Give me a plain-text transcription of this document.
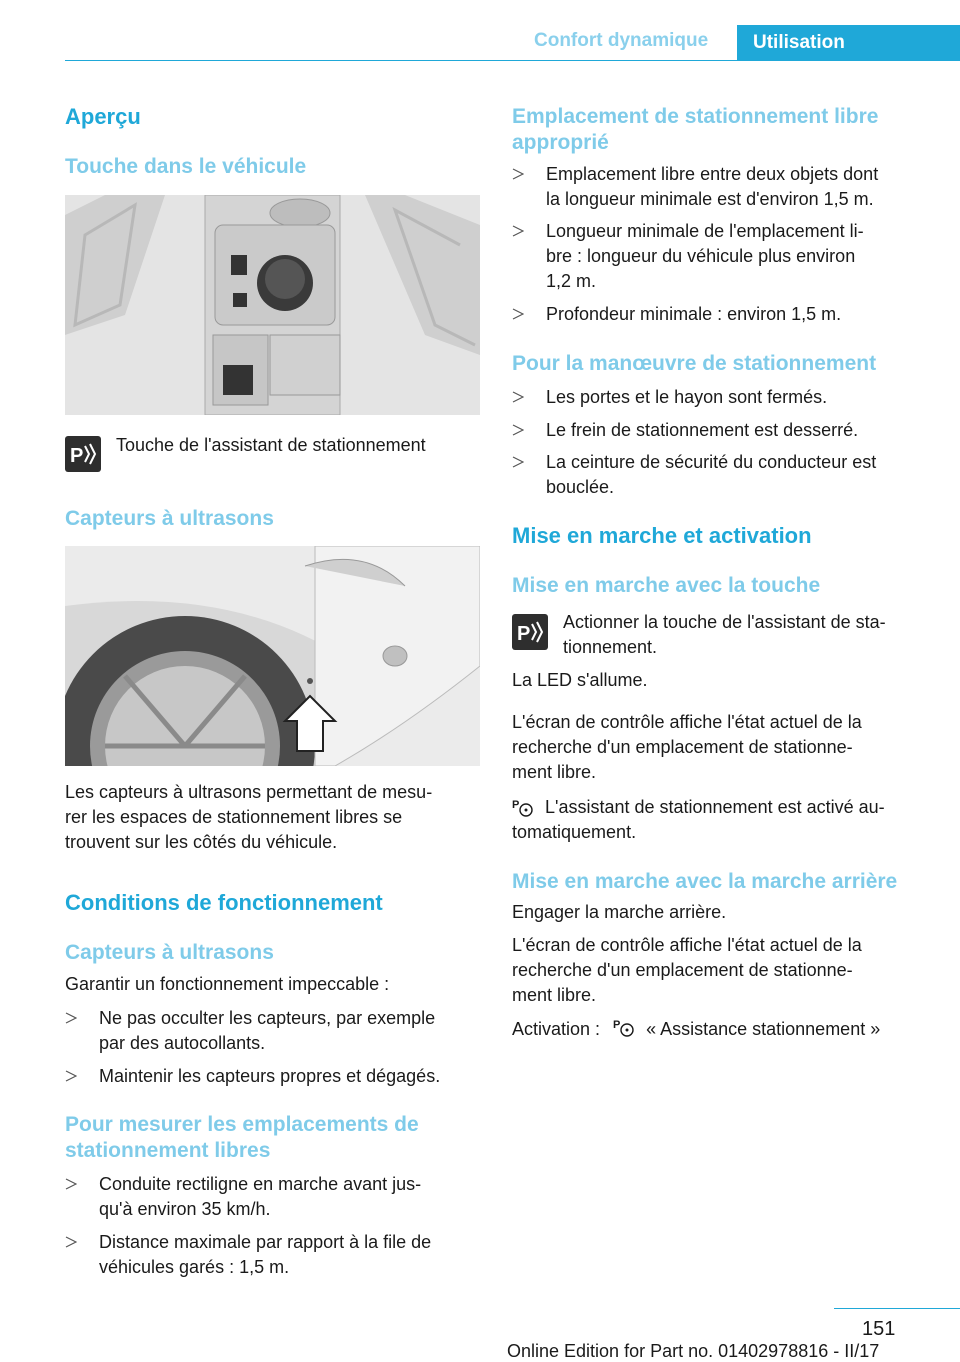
Confort dynamique	Utilisation
Aperçu
Touche dans le véhicule
P Touche de l'assistant de stationnement
Capteurs à ultrasons
Les capteurs à ultrasons permettant de mesu-
rer les espaces de stationnement libres se
trouvent sur les côtés du véhicule.
Conditions de fonctionnement
Capteurs à ultrasons
Garantir un fonctionnement impeccable :
Ne pas occulter les capteurs, par exemple
par des autocollants.
Maintenir les capteurs propres et dégagés.
Pour mesurer les emplacements de
stationnement libres
Conduite rectiligne en marche avant jus-
qu'à environ 35 km/h.
Distance maximale par rapport à la file de
véhicules garés : 1,5 m.
Emplacement de stationnement libre
approprié
Emplacement libre entre deux objets dont
la longueur minimale est d'environ 1,5 m.
Longueur minimale de l'emplacement li-
bre : longueur du véhicule plus environ
1,2 m.
Profondeur minimale : environ 1,5 m.
Pour la manœuvre de stationnement
Les portes et le hayon sont fermés.
Le frein de stationnement est desserré.
La ceinture de sécurité du conducteur est
bouclée.
Mise en marche et activation
Mise en marche avec la touche
P
Actionner la touche de l'assistant de sta-
tionnement.
La LED s'allume.
L'écran de contrôle affiche l'état actuel de la
recherche d'un emplacement de stationne-
ment libre.
P	L'assistant de stationnement est activé au-
tomatiquement.
Mise en marche avec la marche arrière
Engager la marche arrière.
L'écran de contrôle affiche l'état actuel de la
recherche d'un emplacement de stationne-
ment libre.
Activation : P « Assistance stationnement »
151
Online Edition for Part no. 01402978816 - II/17
